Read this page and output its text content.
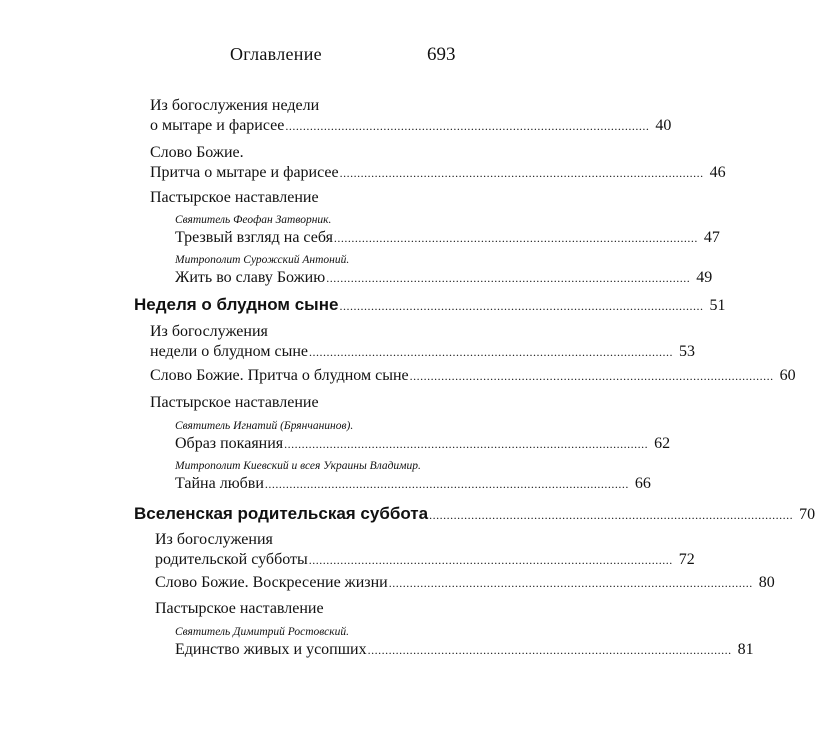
Оглавление	693
Из богослужения недели
о мытаре и фарисее ........................................................................................................ 40
Слово Божие.
Притча о мытаре и фарисее ........................................................................................................ 46
Пастырское наставление
Святитель Феофан Затворник.
Трезвый взгляд на себя ........................................................................................................ 47
Митрополит Сурожский Антоний.
Жить во славу Божию ........................................................................................................ 49
Неделя о блудном сыне ........................................................................................................ 51
Из богослужения
недели о блудном сыне ........................................................................................................ 53
Слово Божие. Притча о блудном сыне ........................................................................................................ 60
Пастырское наставление
Святитель Игнатий (Брянчанинов).
Образ покаяния ........................................................................................................ 62
Митрополит Киевский и всея Украины Владимир.
Тайна любви ........................................................................................................ 66
Вселенская родительская суббота ........................................................................................................ 70
Из богослужения
родительской субботы ........................................................................................................ 72
Слово Божие. Воскресение жизни ........................................................................................................ 80
Пастырское наставление
Святитель Димитрий Ростовский.
Единство живых и усопших ........................................................................................................ 81
